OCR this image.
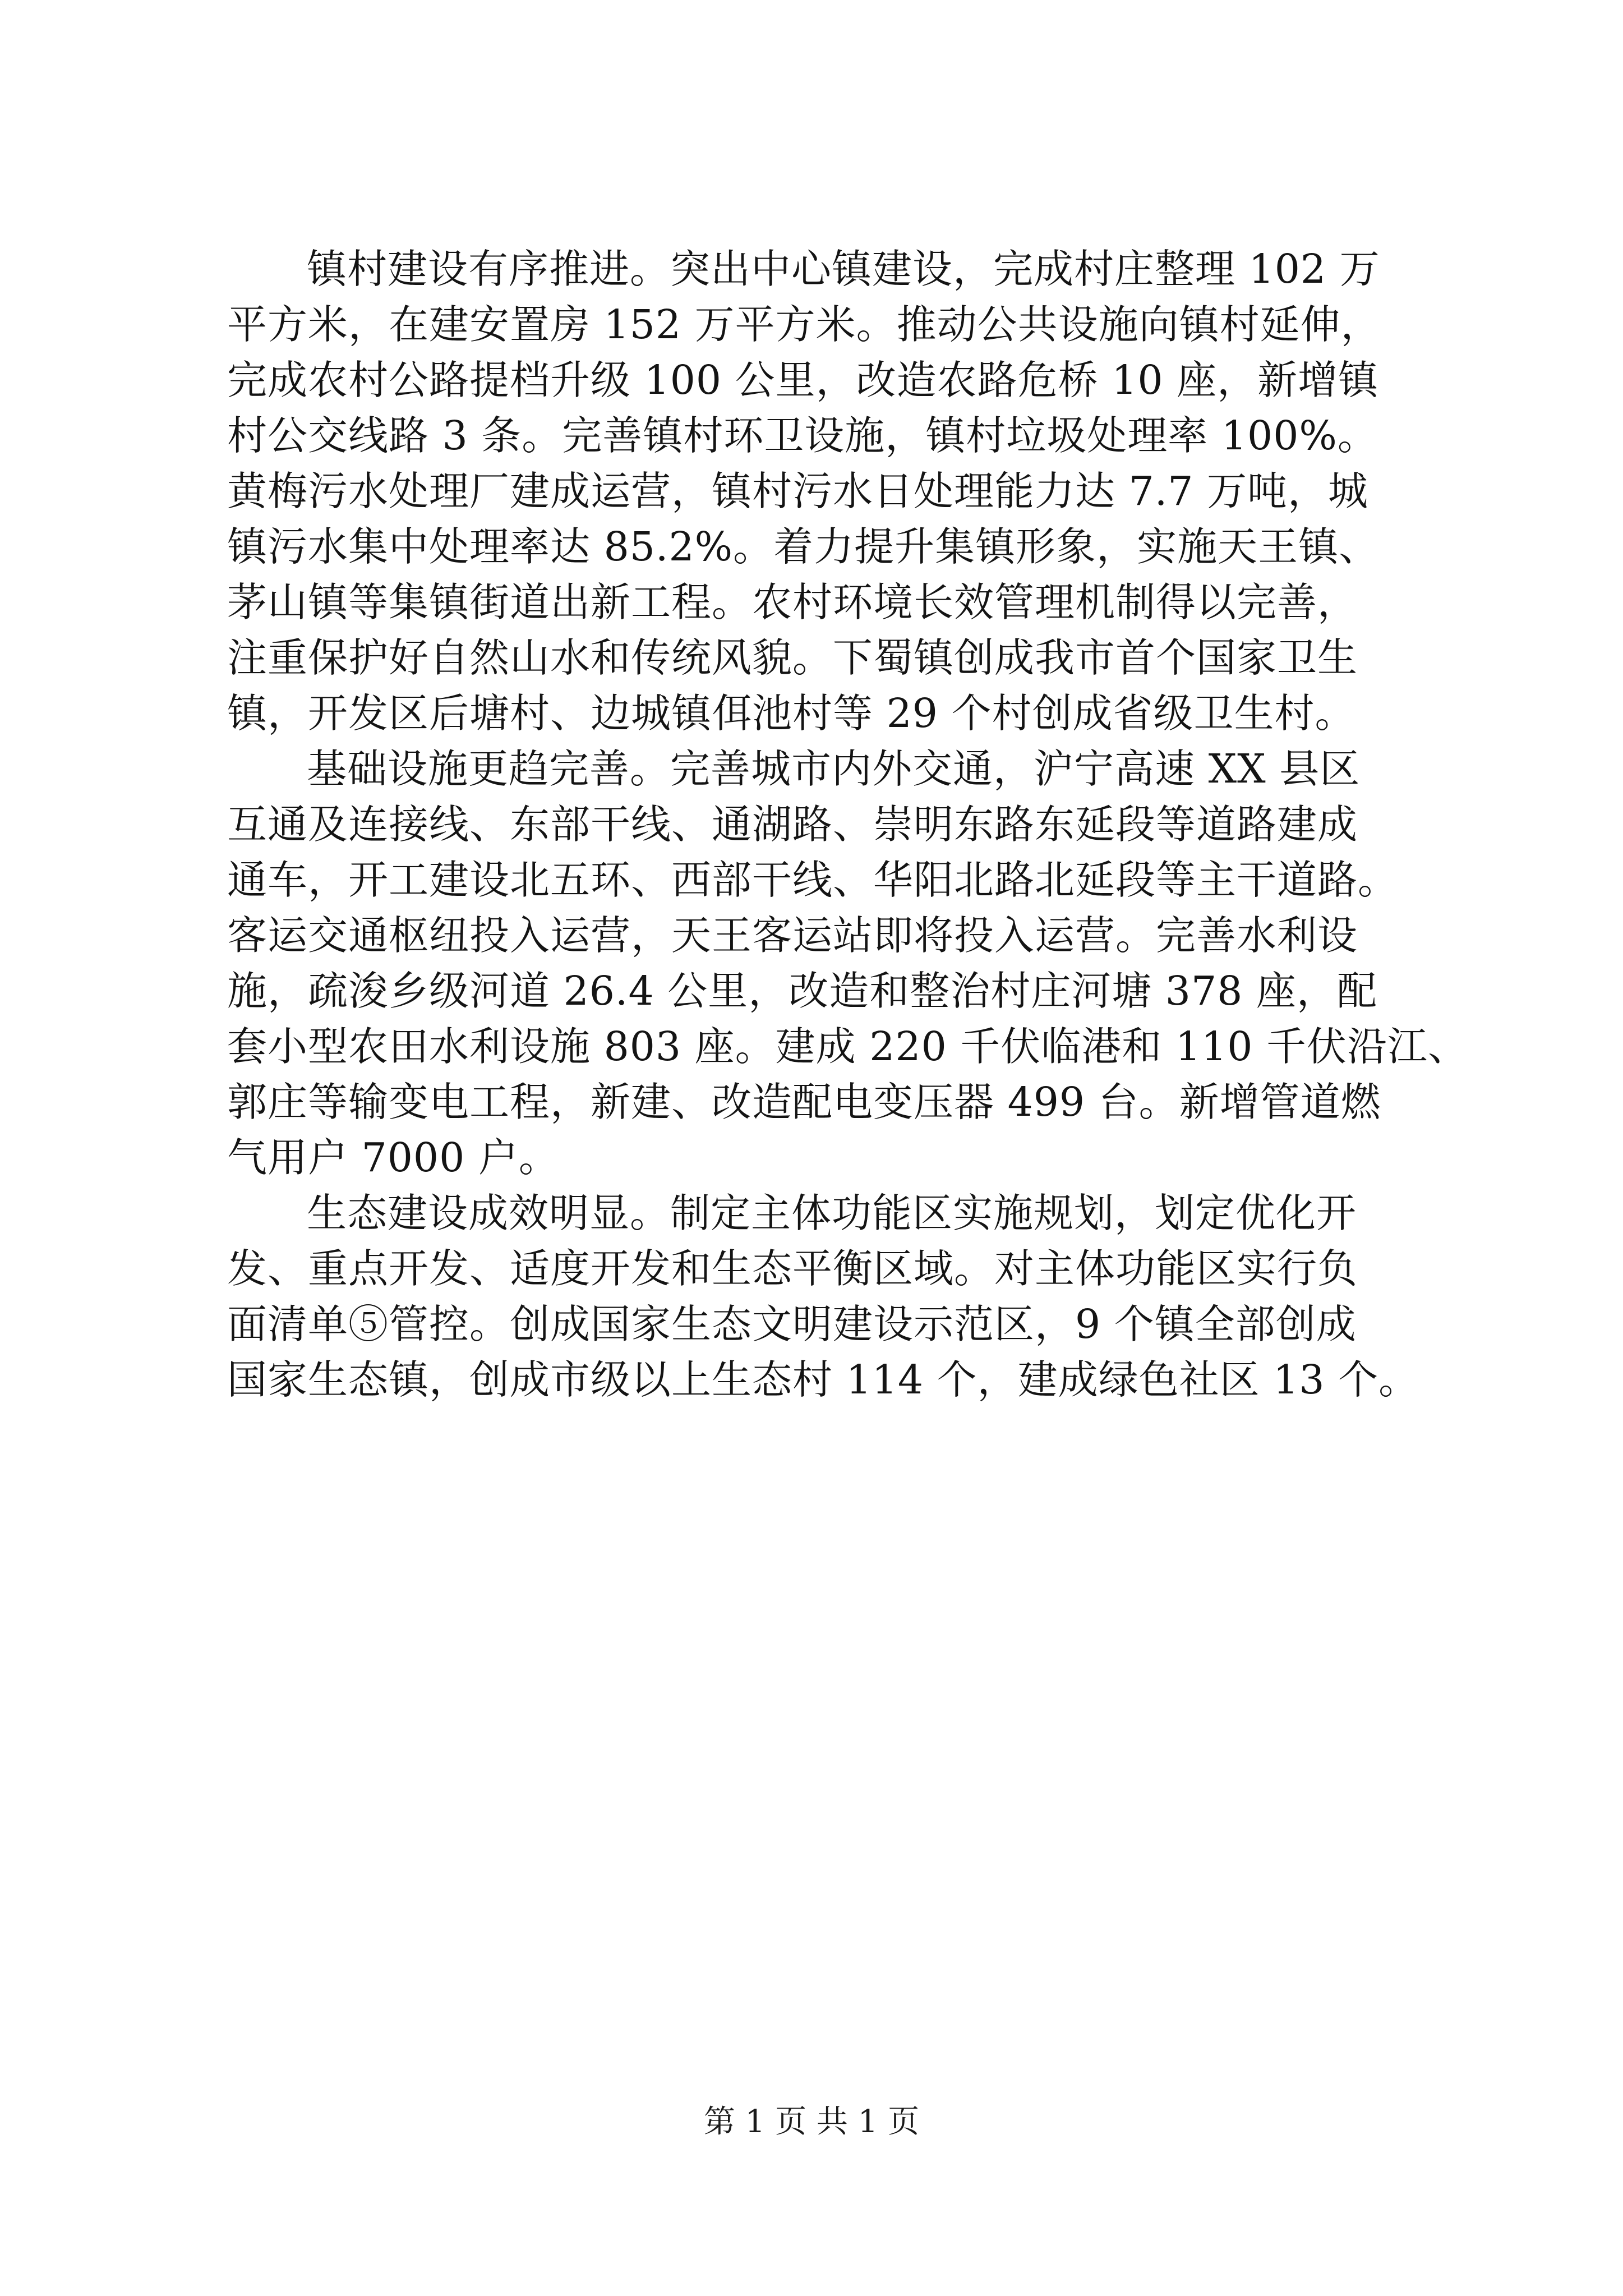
镇村建设有序推进。突出中心镇建设，完成村庄整理 102 万
平方米，在建安置房 152 万平方米。推动公共设施向镇村延伸，
完成农村公路提档升级 100 公里，改造农路危桥 10 座，新增镇
村公交线路 3 条。完善镇村环卫设施，镇村垃圾处理率 100%。
黄梅污水处理厂建成运营，镇村污水日处理能力达 7.7 万吨，城
镇污水集中处理率达 85.2%。着力提升集镇形象，实施天王镇、
茅山镇等集镇街道出新工程。农村环境长效管理机制得以完善，
注重保护好自然山水和传统风貌。下蜀镇创成我市首个国家卫生
镇，开发区后塘村、边城镇佴池村等 29 个村创成省级卫生村。
基础设施更趋完善。完善城市内外交通，沪宁高速 XX 县区
互通及连接线、东部干线、通湖路、崇明东路东延段等道路建成
通车，开工建设北五环、西部干线、华阳北路北延段等主干道路。
客运交通枢纽投入运营，天王客运站即将投入运营。完善水利设
施，疏浚乡级河道 26.4 公里，改造和整治村庄河塘 378 座，配
套小型农田水利设施 803 座。建成 220 千伏临港和 110 千伏沿江、
郭庄等输变电工程，新建、改造配电变压器 499 台。新增管道燃
气用户 7000 户。
生态建设成效明显。制定主体功能区实施规划，划定优化开
发、重点开发、适度开发和生态平衡区域。对主体功能区实行负
面清单⑤管控。创成国家生态文明建设示范区，9 个镇全部创成
国家生态镇，创成市级以上生态村 114 个，建成绿色社区 13 个。
第 1 页 共 1 页
